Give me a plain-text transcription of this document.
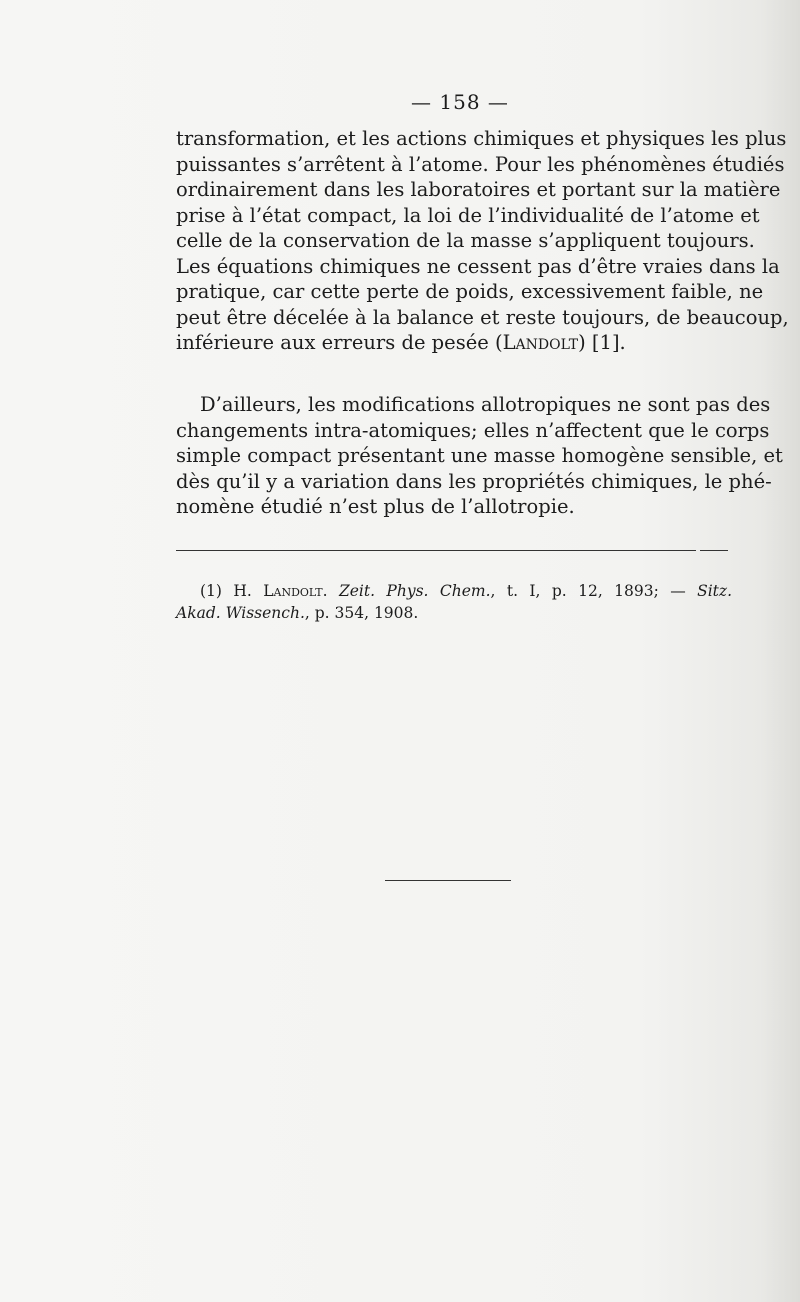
— 158 —
transformation, et les actions chimiques et physiques les plus
puissantes s’arrêtent à l’atome. Pour les phénomènes étudiés
ordinairement dans les laboratoires et portant sur la matière
prise à l’état compact, la loi de l’individualité de l’atome et
celle de la conservation de la masse s’appliquent toujours.
Les équations chimiques ne cessent pas d’être vraies dans la
pratique, car cette perte de poids, excessivement faible, ne
peut être décelée à la balance et reste toujours, de beaucoup,
inférieure aux erreurs de pesée (Landolt) [1].
D’ailleurs, les modifications allotropiques ne sont pas des
changements intra-atomiques; elles n’affectent que le corps
simple compact présentant une masse homogène sensible, et
dès qu’il y a variation dans les propriétés chimiques, le phé-
nomène étudié n’est plus de l’allotropie.
(1) H. Landolt. Zeit. Phys. Chem., t. I, p. 12, 1893; — Sitz.
Akad. Wissench., p. 354, 1908.
